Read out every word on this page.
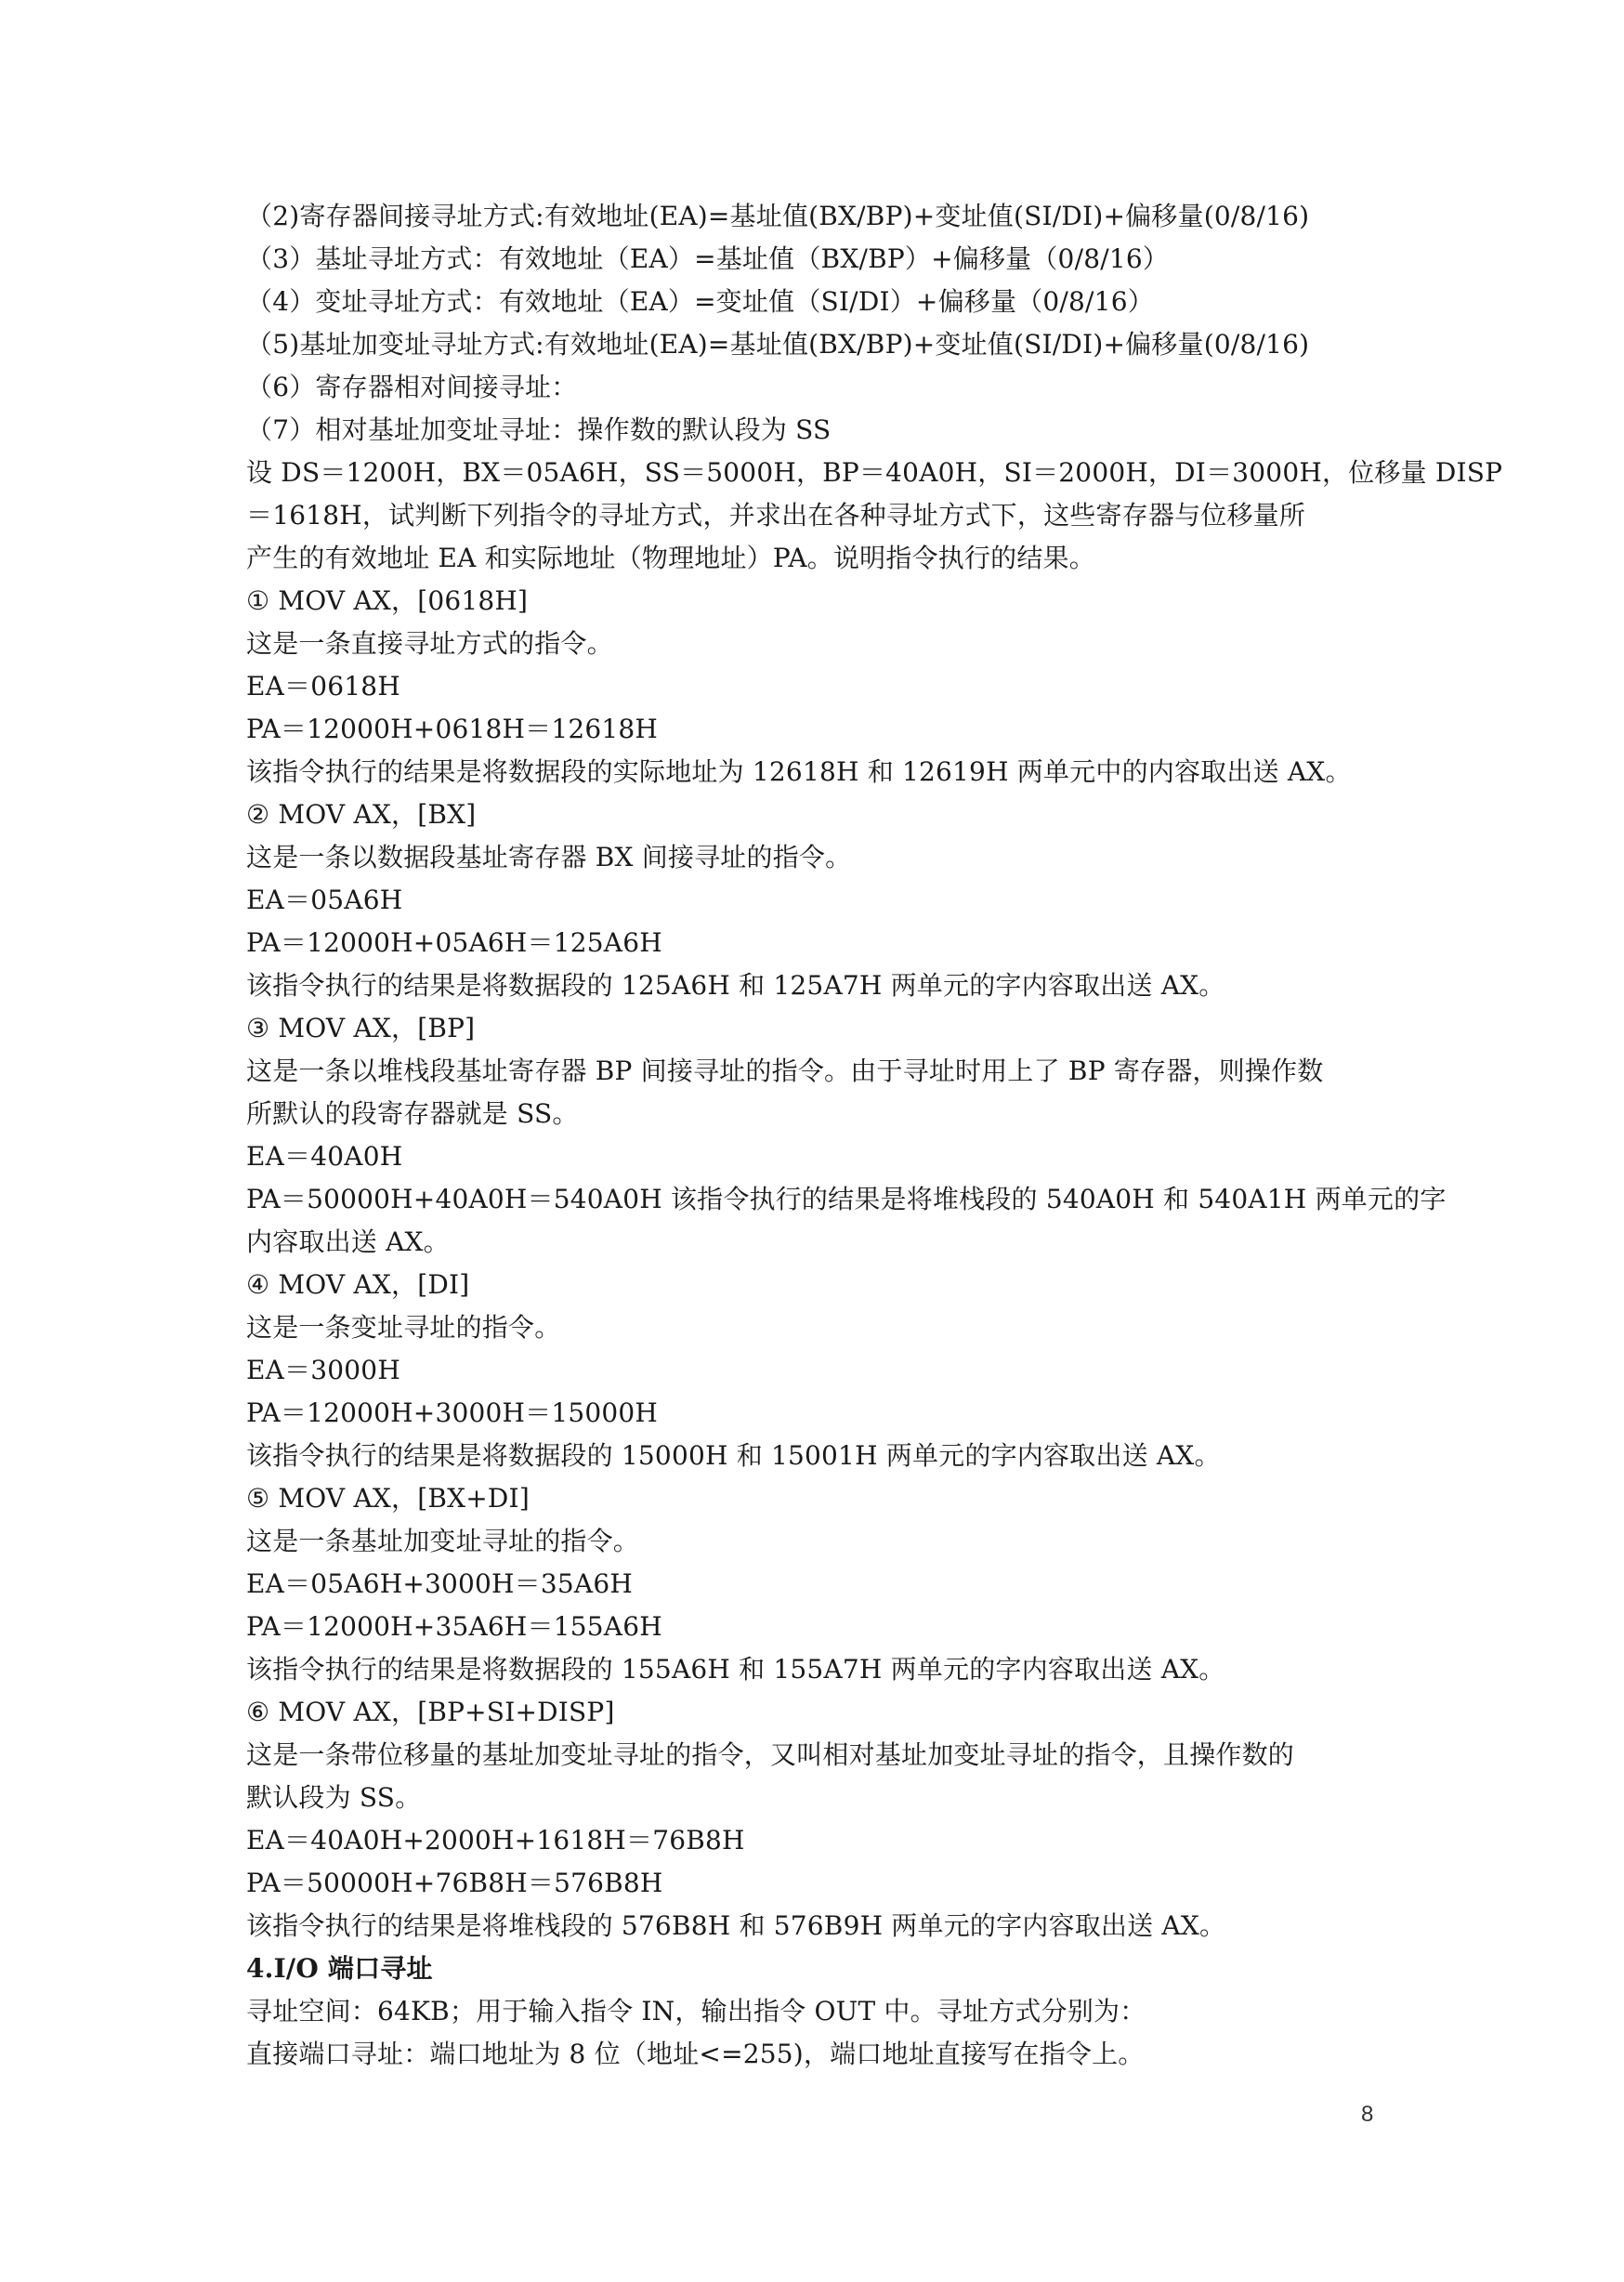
（2)寄存器间接寻址方式:有效地址(EA)=基址值(BX/BP)+变址值(SI/DI)+偏移量(0/8/16)
（3）基址寻址方式：有效地址（EA）=基址值（BX/BP）+偏移量（0/8/16）
（4）变址寻址方式：有效地址（EA）=变址值（SI/DI）+偏移量（0/8/16）
（5)基址加变址寻址方式:有效地址(EA)=基址值(BX/BP)+变址值(SI/DI)+偏移量(0/8/16)
（6）寄存器相对间接寻址：
（7）相对基址加变址寻址：操作数的默认段为 SS
设 DS＝1200H，BX＝05A6H，SS＝5000H，BP＝40A0H，SI＝2000H，DI＝3000H，位移量 DISP
＝1618H，试判断下列指令的寻址方式，并求出在各种寻址方式下，这些寄存器与位移量所
产生的有效地址 EA 和实际地址（物理地址）PA。说明指令执行的结果。
① MOV AX，[0618H]
这是一条直接寻址方式的指令。
EA＝0618H
PA＝12000H+0618H＝12618H
该指令执行的结果是将数据段的实际地址为 12618H 和 12619H 两单元中的内容取出送 AX。
② MOV AX，[BX]
这是一条以数据段基址寄存器 BX 间接寻址的指令。
EA＝05A6H
PA＝12000H+05A6H＝125A6H
该指令执行的结果是将数据段的 125A6H 和 125A7H 两单元的字内容取出送 AX。
③ MOV AX，[BP]
这是一条以堆栈段基址寄存器 BP 间接寻址的指令。由于寻址时用上了 BP 寄存器，则操作数
所默认的段寄存器就是 SS。
EA＝40A0H
PA＝50000H+40A0H＝540A0H 该指令执行的结果是将堆栈段的 540A0H 和 540A1H 两单元的字
内容取出送 AX。
④ MOV AX，[DI]
这是一条变址寻址的指令。
EA＝3000H
PA＝12000H+3000H＝15000H
该指令执行的结果是将数据段的 15000H 和 15001H 两单元的字内容取出送 AX。
⑤ MOV AX，[BX+DI]
这是一条基址加变址寻址的指令。
EA＝05A6H+3000H＝35A6H
PA＝12000H+35A6H＝155A6H
该指令执行的结果是将数据段的 155A6H 和 155A7H 两单元的字内容取出送 AX。
⑥ MOV AX，[BP+SI+DISP]
这是一条带位移量的基址加变址寻址的指令，又叫相对基址加变址寻址的指令，且操作数的
默认段为 SS。
EA＝40A0H+2000H+1618H＝76B8H
PA＝50000H+76B8H＝576B8H
该指令执行的结果是将堆栈段的 576B8H 和 576B9H 两单元的字内容取出送 AX。
4.I/O 端口寻址
寻址空间：64KB；用于输入指令 IN，输出指令 OUT 中。寻址方式分别为：
直接端口寻址：端口地址为 8 位（地址<=255)，端口地址直接写在指令上。
8
